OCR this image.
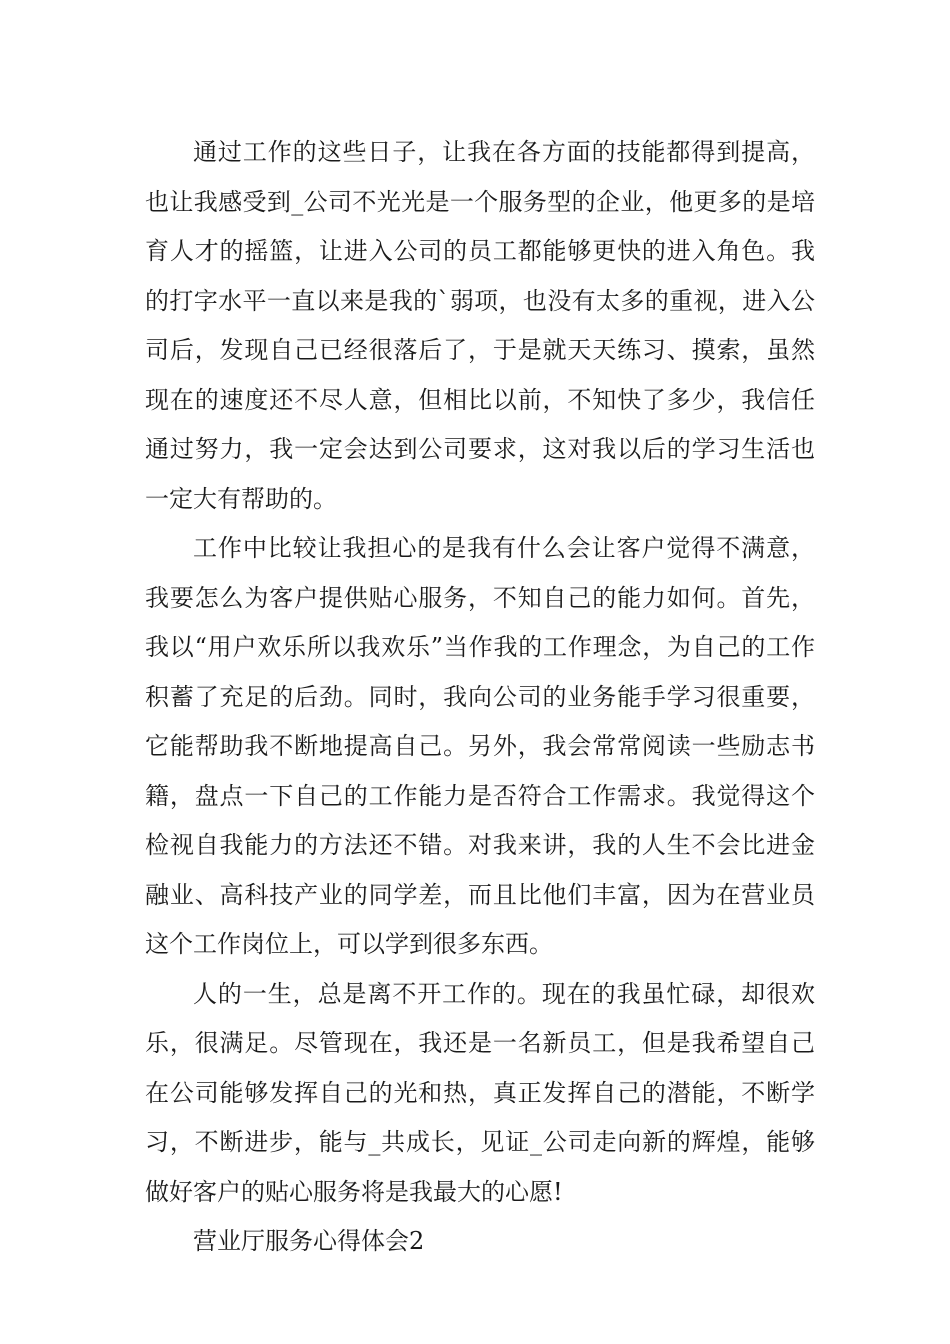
通过工作的这些日子，让我在各方面的技能都得到提高，也让我感受到_公司不光光是一个服务型的企业，他更多的是培育人才的摇篮，让进入公司的员工都能够更快的进入角色。我的打字水平一直以来是我的`弱项，也没有太多的重视，进入公司后，发现自己已经很落后了，于是就天天练习、摸索，虽然现在的速度还不尽人意，但相比以前，不知快了多少，我信任通过努力，我一定会达到公司要求，这对我以后的学习生活也一定大有帮助的。

工作中比较让我担心的是我有什么会让客户觉得不满意，我要怎么为客户提供贴心服务，不知自己的能力如何。首先，我以“用户欢乐所以我欢乐”当作我的工作理念，为自己的工作积蓄了充足的后劲。同时，我向公司的业务能手学习很重要，它能帮助我不断地提高自己。另外，我会常常阅读一些励志书籍，盘点一下自己的工作能力是否符合工作需求。我觉得这个检视自我能力的方法还不错。对我来讲，我的人生不会比进金融业、高科技产业的同学差，而且比他们丰富，因为在营业员这个工作岗位上，可以学到很多东西。

人的一生，总是离不开工作的。现在的我虽忙碌，却很欢乐，很满足。尽管现在，我还是一名新员工，但是我希望自己在公司能够发挥自己的光和热，真正发挥自己的潜能，不断学习，不断进步，能与_共成长，见证_公司走向新的辉煌，能够做好客户的贴心服务将是我最大的心愿!

营业厅服务心得体会2
